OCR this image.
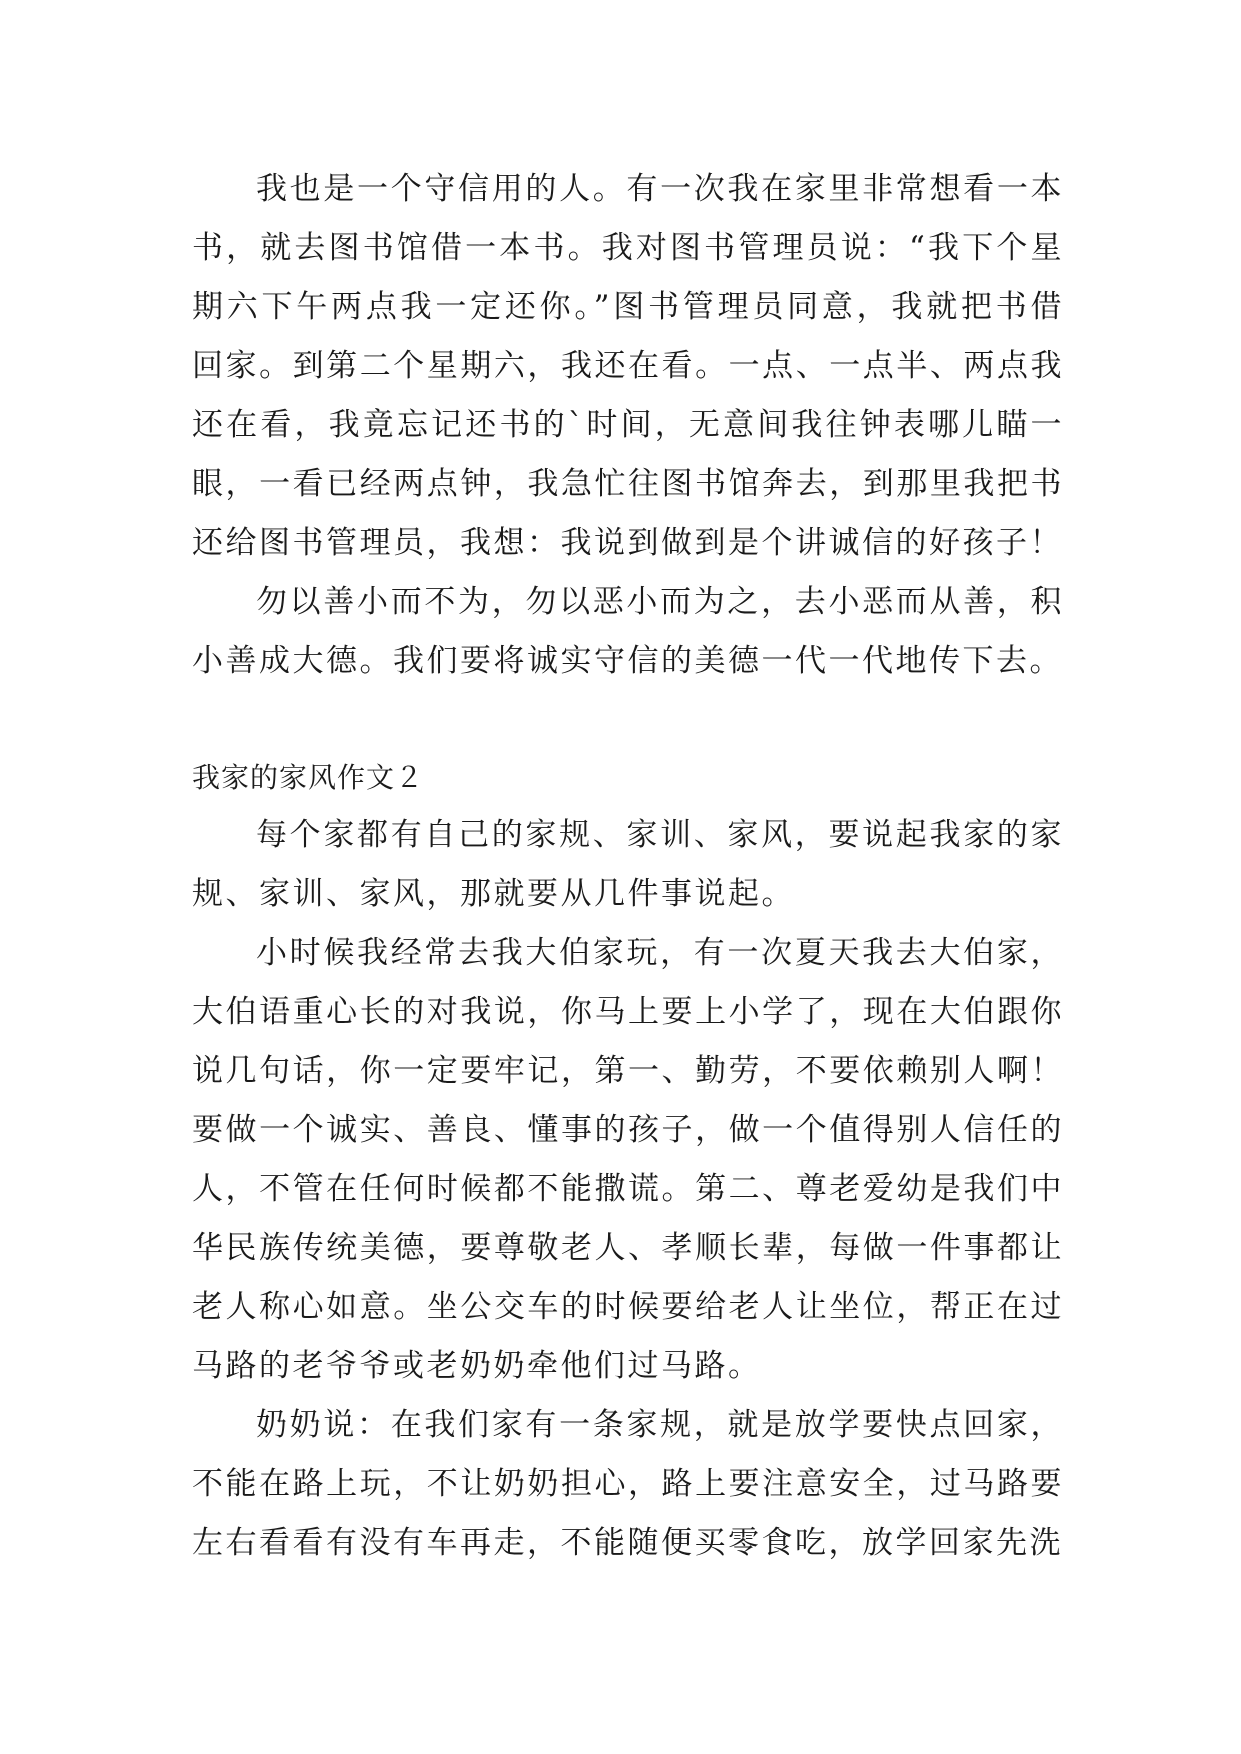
我也是一个守信用的人。有一次我在家里非常想看一本书，就去图书馆借一本书。我对图书管理员说：“我下个星期六下午两点我一定还你。”图书管理员同意，我就把书借回家。到第二个星期六，我还在看。一点、一点半、两点我还在看，我竟忘记还书的`时间，无意间我往钟表哪儿瞄一眼，一看已经两点钟，我急忙往图书馆奔去，到那里我把书还给图书管理员，我想：我说到做到是个讲诚信的好孩子！

勿以善小而不为，勿以恶小而为之，去小恶而从善，积小善成大德。我们要将诚实守信的美德一代一代地传下去。

我家的家风作文２

每个家都有自己的家规、家训、家风，要说起我家的家规、家训、家风，那就要从几件事说起。

小时候我经常去我大伯家玩，有一次夏天我去大伯家，大伯语重心长的对我说，你马上要上小学了，现在大伯跟你说几句话，你一定要牢记，第一、勤劳，不要依赖别人啊！要做一个诚实、善良、懂事的孩子，做一个值得别人信任的人，不管在任何时候都不能撒谎。第二、尊老爱幼是我们中华民族传统美德，要尊敬老人、孝顺长辈，每做一件事都让老人称心如意。坐公交车的时候要给老人让坐位，帮正在过马路的老爷爷或老奶奶牵他们过马路。

奶奶说：在我们家有一条家规，就是放学要快点回家，不能在路上玩，不让奶奶担心，路上要注意安全，过马路要左右看看有没有车再走，不能随便买零食吃，放学回家先洗
